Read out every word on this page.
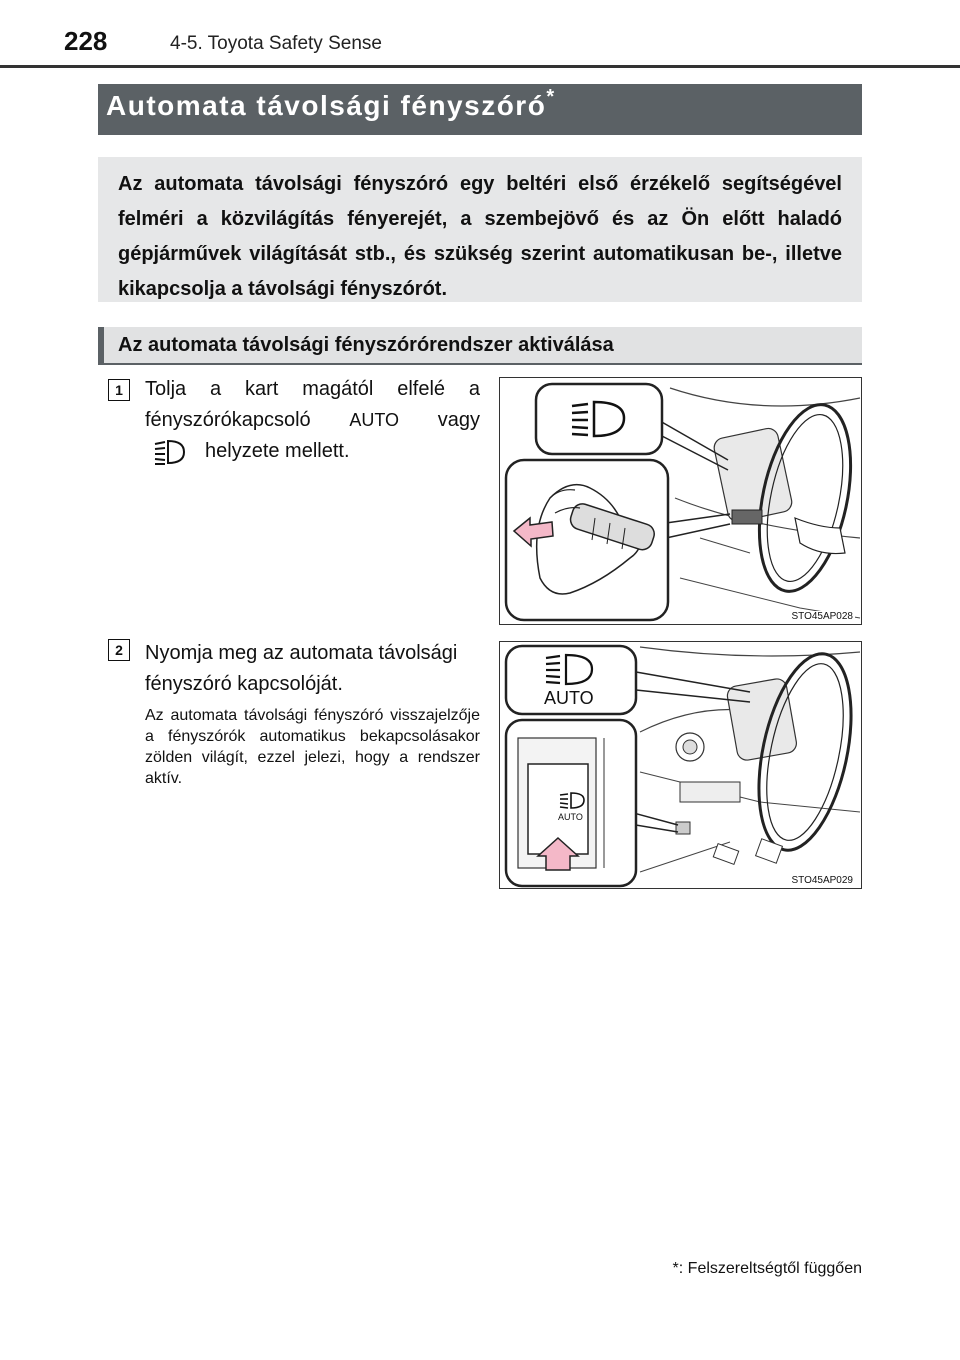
228	4-5. Toyota Safety Sense
Automata távolsági fényszóró*

Az automata távolsági fényszóró egy beltéri első érzékelő segítségével felméri a közvilágítás fényerejét, a szembejövő és az Ön előtt haladó gépjárművek világítását stb., és szükség szerint automatikusan be-, illetve kikapcsolja a távolsági fényszórót.

Az automata távolsági fényszórórendszer aktiválása
1	Tolja a kart magától elfelé a
fényszórókapcsoló AUTO vagy
helyzete mellett.
STO45AP028
2	Nyomja meg az automata távolsági fényszóró kapcsolóját.
Az automata távolsági fényszóró visszajelzője a fényszórók automatikus bekapcsolásakor zölden világít, ezzel jelezi, hogy a rendszer aktív.
AUTO
AUTO
STO45AP029
*: Felszereltségtől függően
